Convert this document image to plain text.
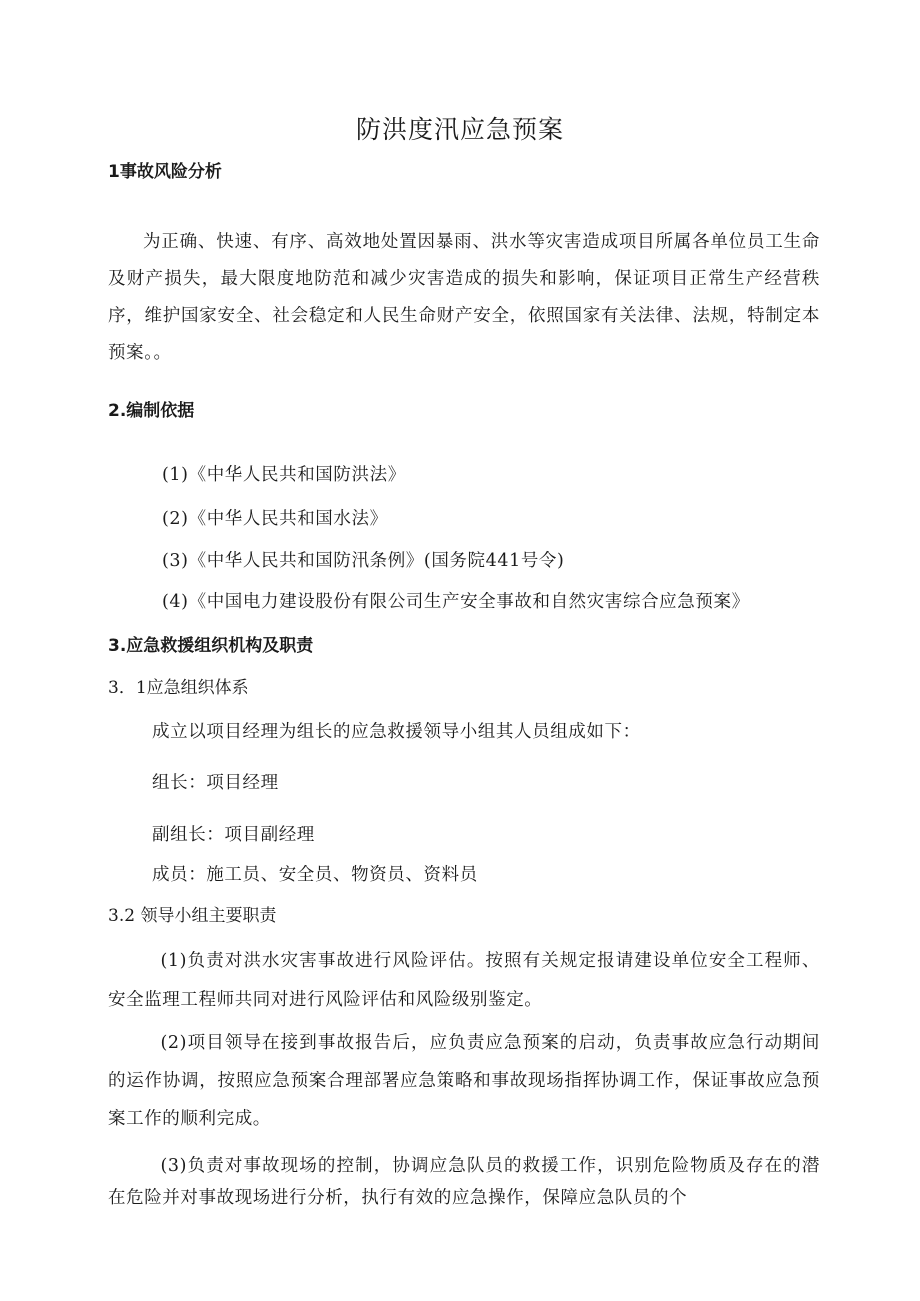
防洪度汛应急预案
1事故风险分析

为正确、快速、有序、高效地处置因暴雨、洪水等灾害造成项目所属各单位员工生命及财产损失，最大限度地防范和减少灾害造成的损失和影响，保证项目正常生产经营秩序，维护国家安全、社会稳定和人民生命财产安全，依照国家有关法律、法规，特制定本预案。。

2.编制依据
(1)《中华人民共和国防洪法》
(2)《中华人民共和国水法》
(3)《中华人民共和国防汛条例》(国务院441号令)
(4)《中国电力建设股份有限公司生产安全事故和自然灾害综合应急预案》
3.应急救援组织机构及职责
3．1应急组织体系
成立以项目经理为组长的应急救援领导小组其人员组成如下：
组长：项目经理
副组长：项目副经理
成员：施工员、安全员、物资员、资料员
3.2 领导小组主要职责

(1)负责对洪水灾害事故进行风险评估。按照有关规定报请建设单位安全工程师、安全监理工程师共同对进行风险评估和风险级别鉴定。

(2)项目领导在接到事故报告后，应负责应急预案的启动，负责事故应急行动期间的运作协调，按照应急预案合理部署应急策略和事故现场指挥协调工作，保证事故应急预案工作的顺利完成。

(3)负责对事故现场的控制，协调应急队员的救援工作，识别危险物质及存在的潜在危险并对事故现场进行分析，执行有效的应急操作，保障应急队员的个
